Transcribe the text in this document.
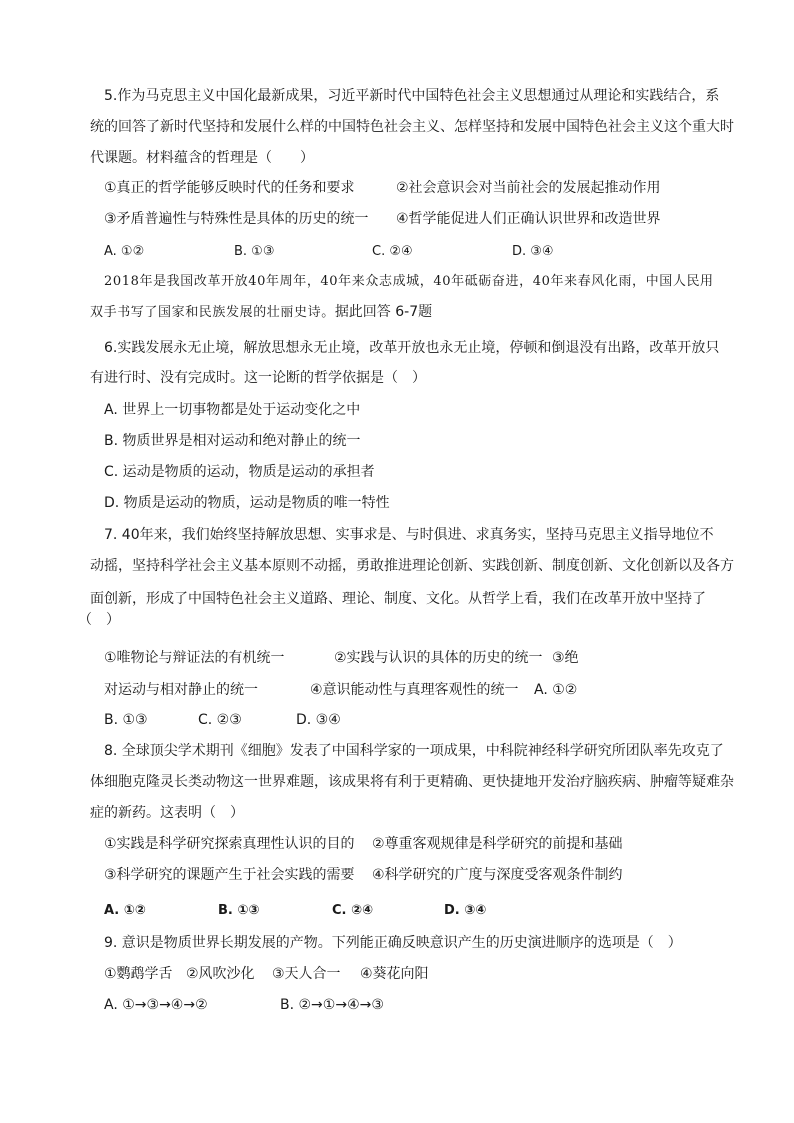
5.作为马克思主义中国化最新成果，习近平新时代中国特色社会主义思想通过从理论和实践结合，系
统的回答了新时代坚持和发展什么样的中国特色社会主义、怎样坚持和发展中国特色社会主义这个重大时
代课题。材料蕴含的哲理是（　　）
①真正的哲学能够反映时代的任务和要求	②社会意识会对当前社会的发展起推动作用
③矛盾普遍性与特殊性是具体的历史的统一 ④哲学能促进人们正确认识世界和改造世界
A. ①②	B. ①③	C. ②④	D. ③④
2018年是我国改革开放40年周年，40年来众志成城，40年砥砺奋进，40年来春风化雨，中国人民用
双手书写了国家和民族发展的壮丽史诗。据此回答 6-7题
6.实践发展永无止境，解放思想永无止境，改革开放也永无止境，停顿和倒退没有出路，改革开放只
有进行时、没有完成时。这一论断的哲学依据是（　）
A. 世界上一切事物都是处于运动变化之中
B. 物质世界是相对运动和绝对静止的统一
C. 运动是物质的运动，物质是运动的承担者
D. 物质是运动的物质，运动是物质的唯一特性
7. 40年来，我们始终坚持解放思想、实事求是、与时俱进、求真务实，坚持马克思主义指导地位不
动摇，坚持科学社会主义基本原则不动摇，勇敢推进理论创新、实践创新、制度创新、文化创新以及各方
面创新，形成了中国特色社会主义道路、理论、制度、文化。从哲学上看，我们在改革开放中坚持了
（　）
①唯物论与辩证法的有机统一	②实践与认识的具体的历史的统一 ③绝
对运动与相对静止的统一	④意识能动性与真理客观性的统一 A. ①②
B. ①③	C. ②③	D. ③④
8. 全球顶尖学术期刊《细胞》发表了中国科学家的一项成果，中科院神经科学研究所团队率先攻克了
体细胞克隆灵长类动物这一世界难题，该成果将有利于更精确、更快捷地开发治疗脑疾病、肿瘤等疑难杂
症的新药。这表明（　）
①实践是科学研究探索真理性认识的目的 ②尊重客观规律是科学研究的前提和基础
③科学研究的课题产生于社会实践的需要 ④科学研究的广度与深度受客观条件制约
A. ①②	B. ①③	C. ②④	D. ③④
9. 意识是物质世界长期发展的产物。下列能正确反映意识产生的历史演进顺序的选项是（　）
①鹦鹉学舌 ②风吹沙化 ③天人合一 ④葵花向阳
A. ①→③→④→②	B. ②→①→④→③
